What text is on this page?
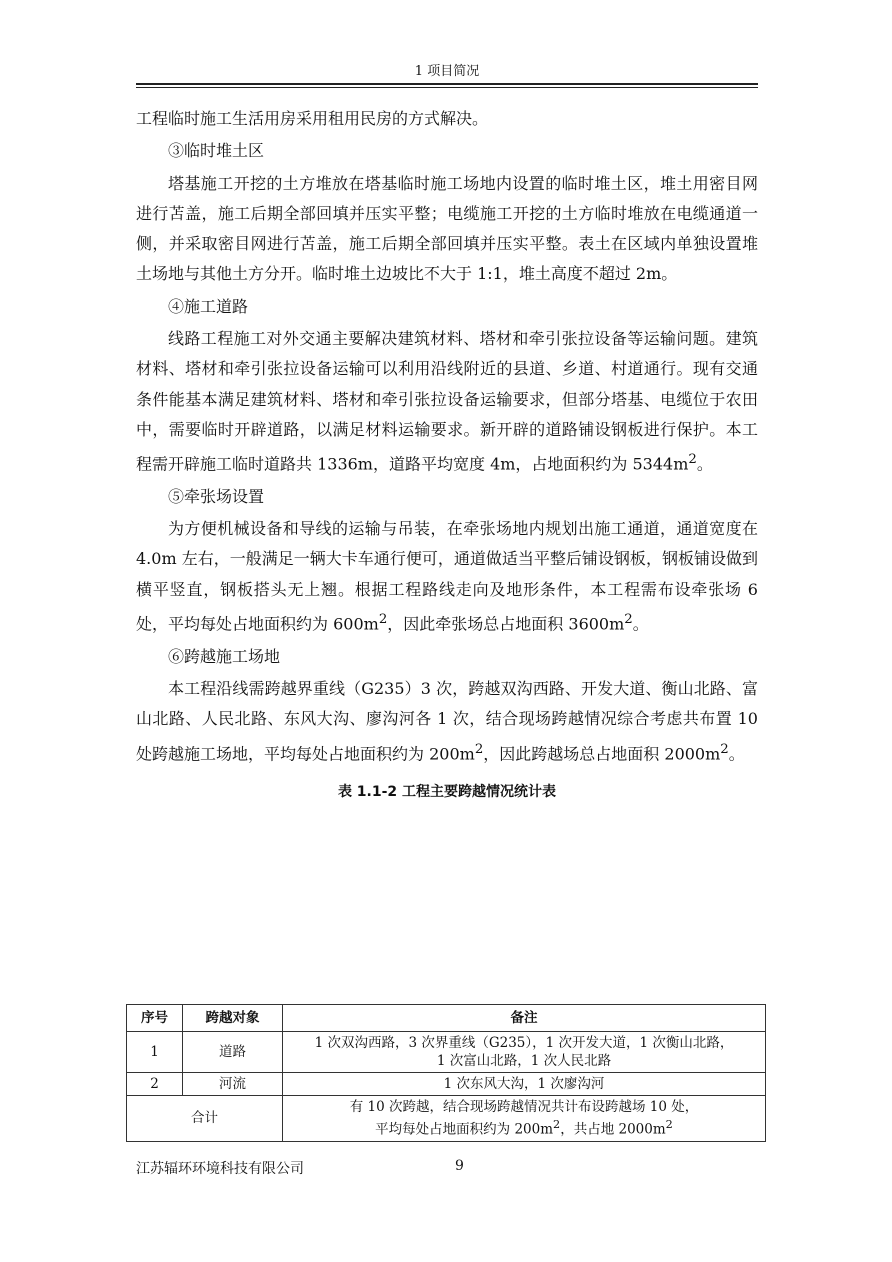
1 项目简况

工程临时施工生活用房采用租用民房的方式解决。

③临时堆土区

塔基施工开挖的土方堆放在塔基临时施工场地内设置的临时堆土区，堆土用密目网进行苫盖，施工后期全部回填并压实平整；电缆施工开挖的土方临时堆放在电缆通道一侧，并采取密目网进行苫盖，施工后期全部回填并压实平整。表土在区域内单独设置堆土场地与其他土方分开。临时堆土边坡比不大于 1:1，堆土高度不超过 2m。

④施工道路

线路工程施工对外交通主要解决建筑材料、塔材和牵引张拉设备等运输问题。建筑材料、塔材和牵引张拉设备运输可以利用沿线附近的县道、乡道、村道通行。现有交通条件能基本满足建筑材料、塔材和牵引张拉设备运输要求，但部分塔基、电缆位于农田中，需要临时开辟道路，以满足材料运输要求。新开辟的道路铺设钢板进行保护。本工程需开辟施工临时道路共 1336m，道路平均宽度 4m，占地面积约为 $5344m^2$。

⑤牵张场设置

为方便机械设备和导线的运输与吊装，在牵张场地内规划出施工通道，通道宽度在 4.0m 左右，一般满足一辆大卡车通行便可，通道做适当平整后铺设钢板，钢板铺设做到横平竖直，钢板搭头无上翘。根据工程路线走向及地形条件，本工程需布设牵张场 6 处，平均每处占地面积约为 $600m^2$，因此牵张场总占地面积 $3600m^2$。

⑥跨越施工场地

本工程沿线需跨越界重线（G235）3 次，跨越双沟西路、开发大道、衡山北路、富山北路、人民北路、东风大沟、廖沟河各 1 次，结合现场跨越情况综合考虑共布置 10 处跨越施工场地，平均每处占地面积约为 $200m^2$，因此跨越场总占地面积 $2000m^2$。

表 1.1-2 工程主要跨越情况统计表
序号	跨越对象	备注
1	道路	1 次双沟西路，3 次界重线（G235），1 次开发大道，1 次衡山北路，
1 次富山北路，1 次人民北路
2	河流	1 次东风大沟，1 次廖沟河
合计		有 10 次跨越，结合现场跨越情况共计布设跨越场 10 处，
平均每处占地面积约为 $200m^2$，共占地 $2000m^2$
江苏辐环环境科技有限公司	9
